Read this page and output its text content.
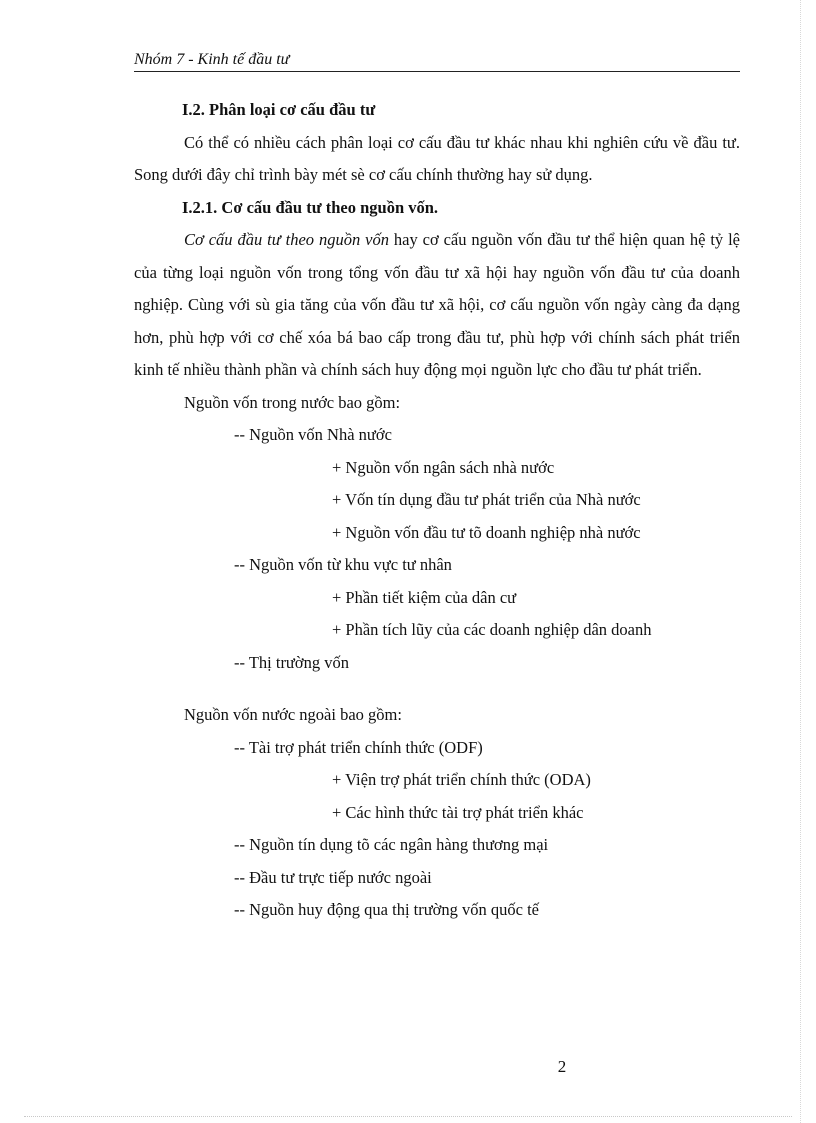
Nhóm 7 - Kinh tế đầu tư
I.2. Phân loại cơ cấu đầu tư

Có thể có nhiều cách phân loại cơ cấu đầu tư khác nhau khi nghiên cứu về đầu tư. Song dưới đây chỉ trình bày mét sè cơ cấu chính thường hay sử dụng.

I.2.1. Cơ cấu đầu tư theo nguồn vốn.

Cơ cấu đầu tư theo nguồn vốn hay cơ cấu nguồn vốn đầu tư thể hiện quan hệ tỷ lệ của từng loại nguồn vốn trong tổng vốn đầu tư xã hội hay nguồn vốn đầu tư của doanh nghiệp. Cùng với sù gia tăng của vốn đầu tư xã hội, cơ cấu nguồn vốn ngày càng đa dạng hơn, phù hợp với cơ chế xóa bá bao cấp trong đầu tư, phù hợp với chính sách phát triển kinh tế nhiều thành phần và chính sách huy động mọi nguồn lực cho đầu tư phát triển.

Nguồn vốn trong nước bao gồm:
-- Nguồn vốn Nhà nước
+ Nguồn vốn ngân sách nhà nước
+ Vốn tín dụng đầu tư phát triển của Nhà nước
+ Nguồn vốn đầu tư tõ doanh nghiệp nhà nước
-- Nguồn vốn từ khu vực tư nhân
+ Phần tiết kiệm của dân cư
+ Phần tích lũy của các doanh nghiệp dân doanh
-- Thị trường vốn
Nguồn vốn nước ngoài bao gồm:
-- Tài trợ phát triển chính thức (ODF)
+ Viện trợ phát triển chính thức (ODA)
+ Các hình thức tài trợ phát triển khác
-- Nguồn tín dụng tõ các ngân hàng thương mại
-- Đầu tư trực tiếp nước ngoài
-- Nguồn huy động qua thị trường vốn quốc tế
2
